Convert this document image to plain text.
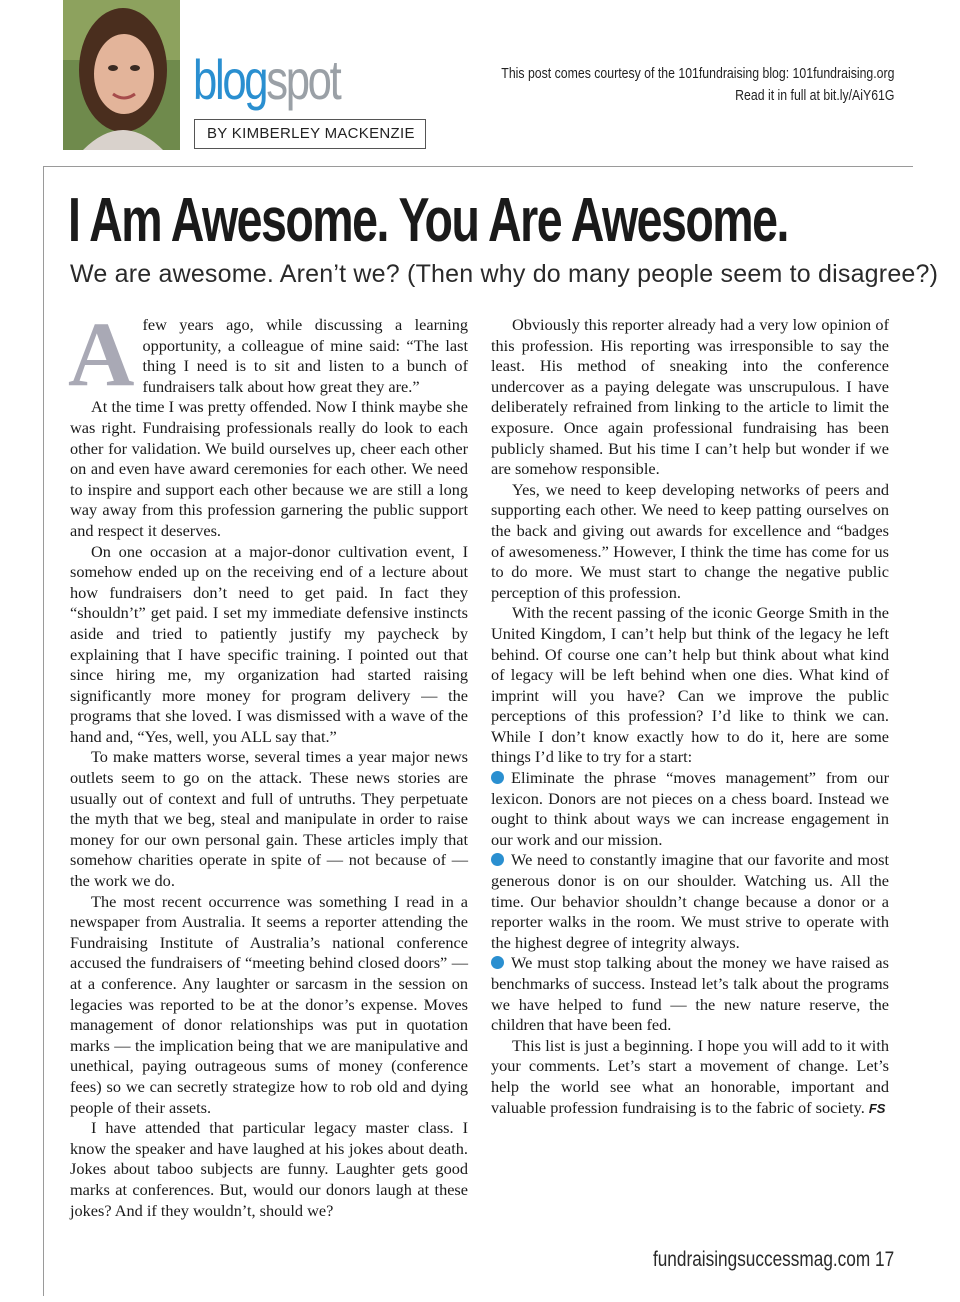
blogspot
BY KIMBERLEY MACKENZIE
This post comes courtesy of the 101fundraising blog: 101fundraising.org
Read it in full at bit.ly/AiY61G
I Am Awesome. You Are Awesome.
We are awesome. Aren’t we? (Then why do many people seem to disagree?)

Afew years ago, while discussing a learning opportunity, a colleague of mine said: “The last thing I need is to sit and listen to a bunch of fundraisers talk about how great they are.”

At the time I was pretty offended. Now I think maybe she was right. Fundraising professionals really do look to each other for validation. We build ourselves up, cheer each other on and even have award ceremonies for each other. We need to inspire and support each other because we are still a long way away from this profession garnering the public support and respect it deserves.

On one occasion at a major-donor cultivation event, I somehow ended up on the receiving end of a lecture about how fundraisers don’t need to get paid. In fact they “shouldn’t” get paid. I set my immediate defensive instincts aside and tried to patiently justify my paycheck by explaining that I have specific training. I pointed out that since hiring me, my organization had started raising significantly more money for program delivery — the programs that she loved. I was dismissed with a wave of the hand and, “Yes, well, you ALL say that.”

To make matters worse, several times a year major news outlets seem to go on the attack. These news stories are usually out of context and full of untruths. They perpetuate the myth that we beg, steal and manipulate in order to raise money for our own personal gain. These articles imply that somehow charities operate in spite of — not because of — the work we do.

The most recent occurrence was something I read in a newspaper from Australia. It seems a reporter attending the Fundraising Institute of Australia’s national conference accused the fundraisers of “meeting behind closed doors” — at a conference. Any laughter or sarcasm in the session on legacies was reported to be at the donor’s expense. Moves management of donor relationships was put in quotation marks — the implication being that we are manipulative and unethical, paying outrageous sums of money (conference fees) so we can secretly strategize how to rob old and dying people of their assets.

I have attended that particular legacy master class. I know the speaker and have laughed at his jokes about death. Jokes about taboo subjects are funny. Laughter gets good marks at conferences. But, would our donors laugh at these jokes? And if they wouldn’t, should we?

Obviously this reporter already had a very low opinion of this profession. His reporting was irresponsible to say the least. His method of sneaking into the conference undercover as a paying delegate was unscrupulous. I have deliberately refrained from linking to the article to limit the exposure. Once again professional fundraising has been publicly shamed. But his time I can’t help but wonder if we are somehow responsible.

Yes, we need to keep developing networks of peers and supporting each other. We need to keep patting ourselves on the back and giving out awards for excellence and “badges of awesomeness.” However, I think the time has come for us to do more. We must start to change the negative public perception of this profession.

With the recent passing of the iconic George Smith in the United Kingdom, I can’t help but think of the legacy he left behind. Of course one can’t help but think about what kind of legacy will be left behind when one dies. What kind of imprint will you have? Can we improve the public perceptions of this profession? I’d like to think we can. While I don’t know exactly how to do it, here are some things I’d like to try for a start:

Eliminate the phrase “moves management” from our lexicon. Donors are not pieces on a chess board. Instead we ought to think about ways we can increase engagement in our work and our mission.

We need to constantly imagine that our favorite and most generous donor is on our shoulder. Watching us. All the time. Our behavior shouldn’t change because a donor or a reporter walks in the room. We must strive to operate with the highest degree of integrity always.

We must stop talking about the money we have raised as benchmarks of success. Instead let’s talk about the programs we have helped to fund — the new nature reserve, the children that have been fed.

This list is just a beginning. I hope you will add to it with your comments. Let’s start a movement of change. Let’s help the world see what an honorable, important and valuable profession fundraising is to the fabric of society. FS

fundraisingsuccessmag.com 17
